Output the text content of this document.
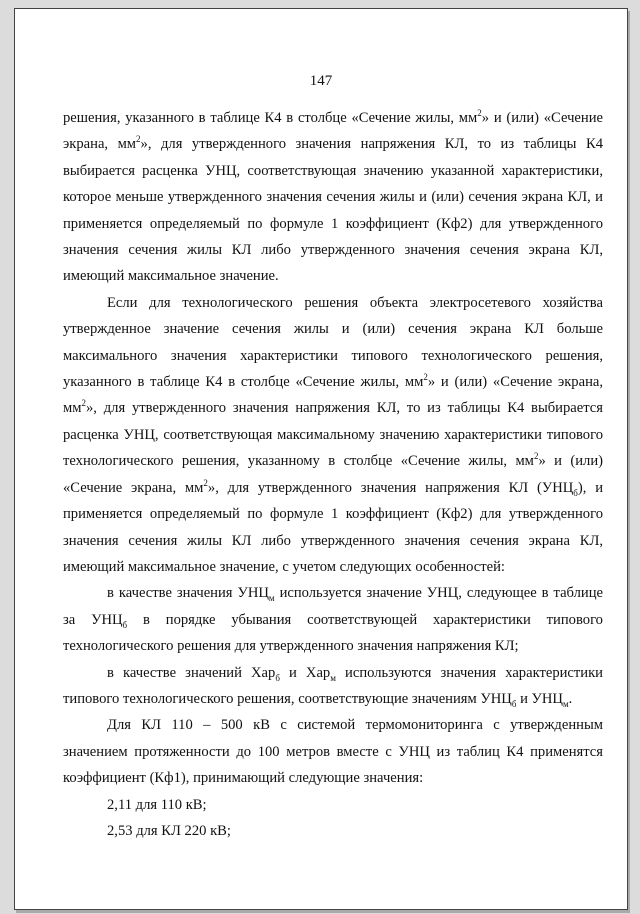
147

решения, указанного в таблице К4 в столбце «Сечение жилы, $мм^2$» и (или) «Сечение экрана, $мм^2$», для утвержденного значения напряжения КЛ, то из таблицы К4 выбирается расценка УНЦ, соответствующая значению указанной характеристики, которое меньше утвержденного значения сечения жилы и (или) сечения экрана КЛ, и применяется определяемый по формуле 1 коэффициент (Кф2) для утвержденного значения сечения жилы КЛ либо утвержденного значения сечения экрана КЛ, имеющий максимальное значение.

Если для технологического решения объекта электросетевого хозяйства утвержденное значение сечения жилы и (или) сечения экрана КЛ больше максимального значения характеристики типового технологического решения, указанного в таблице К4 в столбце «Сечение жилы, $мм^2$» и (или) «Сечение экрана, $мм^2$», для утвержденного значения напряжения КЛ, то из таблицы К4 выбирается расценка УНЦ, соответствующая максимальному значению характеристики типового технологического решения, указанному в столбце «Сечение жилы, $мм^2$» и (или) «Сечение экрана, $мм^2$», для утвержденного значения напряжения КЛ $(УНЦ_б)$, и применяется определяемый по формуле 1 коэффициент (Кф2) для утвержденного значения сечения жилы КЛ либо утвержденного значения сечения экрана КЛ, имеющий максимальное значение, с учетом следующих особенностей:

в качестве значения $УНЦ_м$ используется значение УНЦ, следующее в таблице за $УНЦ_б$ в порядке убывания соответствующей характеристики типового технологического решения для утвержденного значения напряжения КЛ;

в качестве значений Хар$_б$ и Хар$_м$ используются значения характеристики типового технологического решения, соответствующие значениям $УНЦ_б$ и $УНЦ_м$.

Для КЛ 110 – 500 кВ с системой термомониторинга с утвержденным значением протяженности до 100 метров вместе с УНЦ из таблиц К4 применятся коэффициент (Кф1), принимающий следующие значения:

2,11 для 110 кВ;

2,53 для КЛ 220 кВ;
